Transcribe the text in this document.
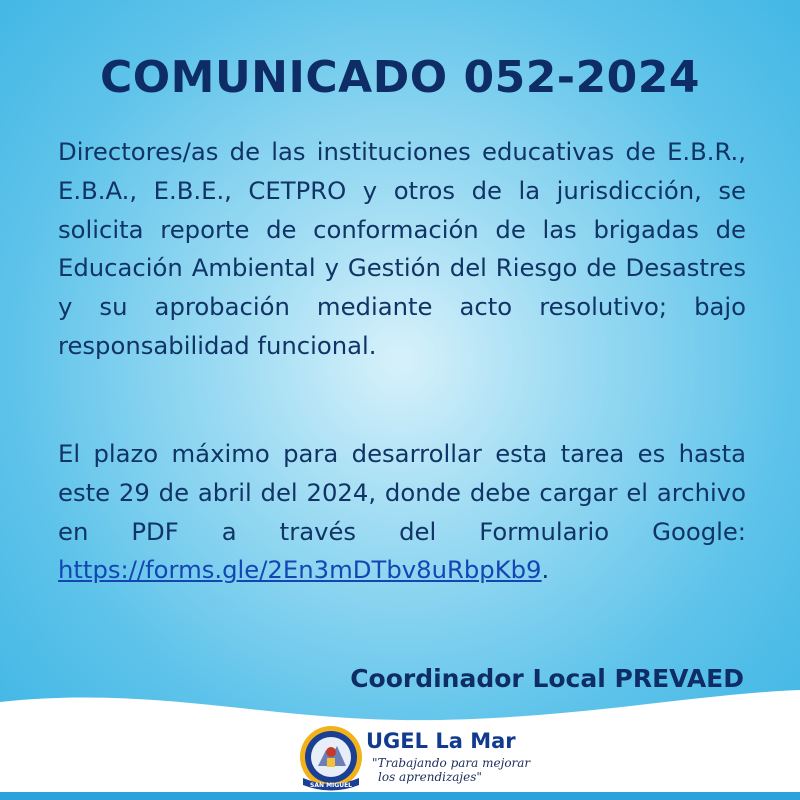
COMUNICADO 052-2024

Directores/as de las instituciones educativas de E.B.R., E.B.A., E.B.E., CETPRO y otros de la jurisdicción, se solicita reporte de conformación de las brigadas de Educación Ambiental y Gestión del Riesgo de Desastres y su aprobación mediante acto resolutivo; bajo responsabilidad funcional.

El plazo máximo para desarrollar esta tarea es hasta este 29 de abril del 2024, donde debe cargar el archivo en PDF a través del Formulario Google: https://forms.gle/2En3mDTbv8uRbpKb9.

Coordinador Local PREVAED
SAN MIGUEL
UGEL La Mar
"Trabajando para mejorar
los aprendizajes"
